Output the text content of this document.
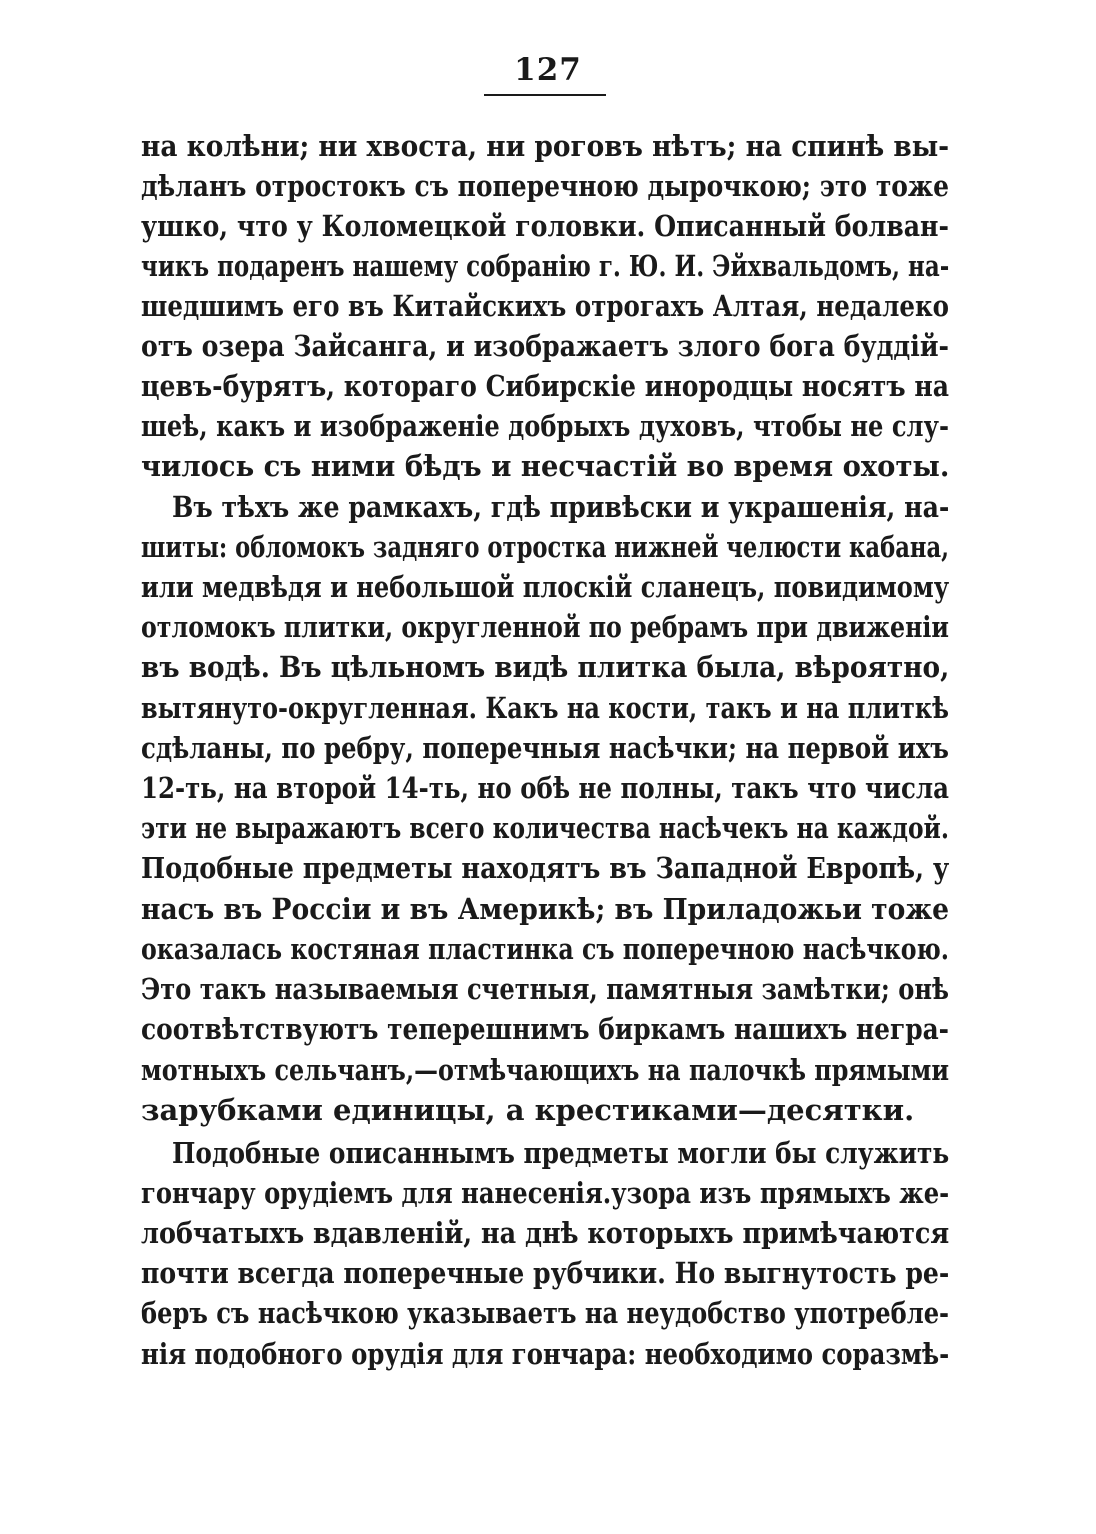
127
на колѣни; ни хвоста, ни роговъ нѣтъ; на спинѣ вы-
дѣланъ отростокъ съ поперечною дырочкою; это тоже
ушко, что у Коломецкой головки. Описанный болван-
чикъ подаренъ нашему собранію г. Ю. И. Эйхвальдомъ, на-
шедшимъ его въ Китайскихъ отрогахъ Алтая, недалеко
отъ озера Зайсанга, и изображаетъ злого бога буддій-
цевъ-бурятъ, котораго Сибирскіе инородцы носятъ на
шеѣ, какъ и изображеніе добрыхъ духовъ, чтобы не слу-
чилось съ ними бѣдъ и несчастій во время охоты.
Въ тѣхъ же рамкахъ, гдѣ привѣски и украшенія, на-
шиты: обломокъ задняго отростка нижней челюсти кабана,
или медвѣдя и небольшой плоскій сланецъ, повидимому
отломокъ плитки, округленной по ребрамъ при движеніи
въ водѣ. Въ цѣльномъ видѣ плитка была, вѣроятно,
вытянуто-округленная. Какъ на кости, такъ и на плиткѣ
сдѣланы, по ребру, поперечныя насѣчки; на первой ихъ
12-ть, на второй 14-ть, но обѣ не полны, такъ что числа
эти не выражаютъ всего количества насѣчекъ на каждой.
Подобные предметы находятъ въ Западной Европѣ, у
насъ въ Россіи и въ Америкѣ; въ Приладожьи тоже
оказалась костяная пластинка съ поперечною насѣчкою.
Это такъ называемыя счетныя, памятныя замѣтки; онѣ
соотвѣтствуютъ теперешнимъ биркамъ нашихъ негра-
мотныхъ сельчанъ,—отмѣчающихъ на палочкѣ прямыми
зарубками единицы, а крестиками—десятки.
Подобные описаннымъ предметы могли бы служить
гончару орудіемъ для нанесенія.узора изъ прямыхъ же-
лобчатыхъ вдавленій, на днѣ которыхъ примѣчаются
почти всегда поперечные рубчики. Но выгнутость ре-
беръ съ насѣчкою указываетъ на неудобство употребле-
нія подобного орудія для гончара: необходимо соразмѣ-
